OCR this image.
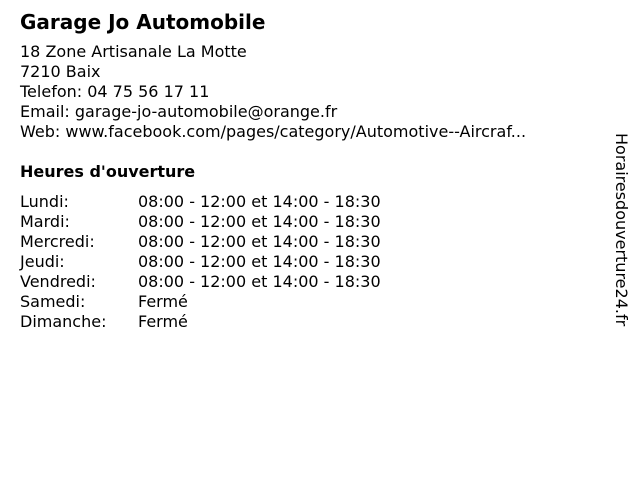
Garage Jo Automobile
18 Zone Artisanale La Motte
7210 Baix
Telefon: 04 75 56 17 11
Email: garage-jo-automobile@orange.fr
Web: www.facebook.com/pages/category/Automotive--Aircraf...
Heures d'ouverture
Lundi:	08:00 - 12:00 et 14:00 - 18:30
Mardi:	08:00 - 12:00 et 14:00 - 18:30
Mercredi:	08:00 - 12:00 et 14:00 - 18:30
Jeudi:	08:00 - 12:00 et 14:00 - 18:30
Vendredi:	08:00 - 12:00 et 14:00 - 18:30
Samedi:	Fermé
Dimanche:	Fermé	Horairesdouverture24.fr
